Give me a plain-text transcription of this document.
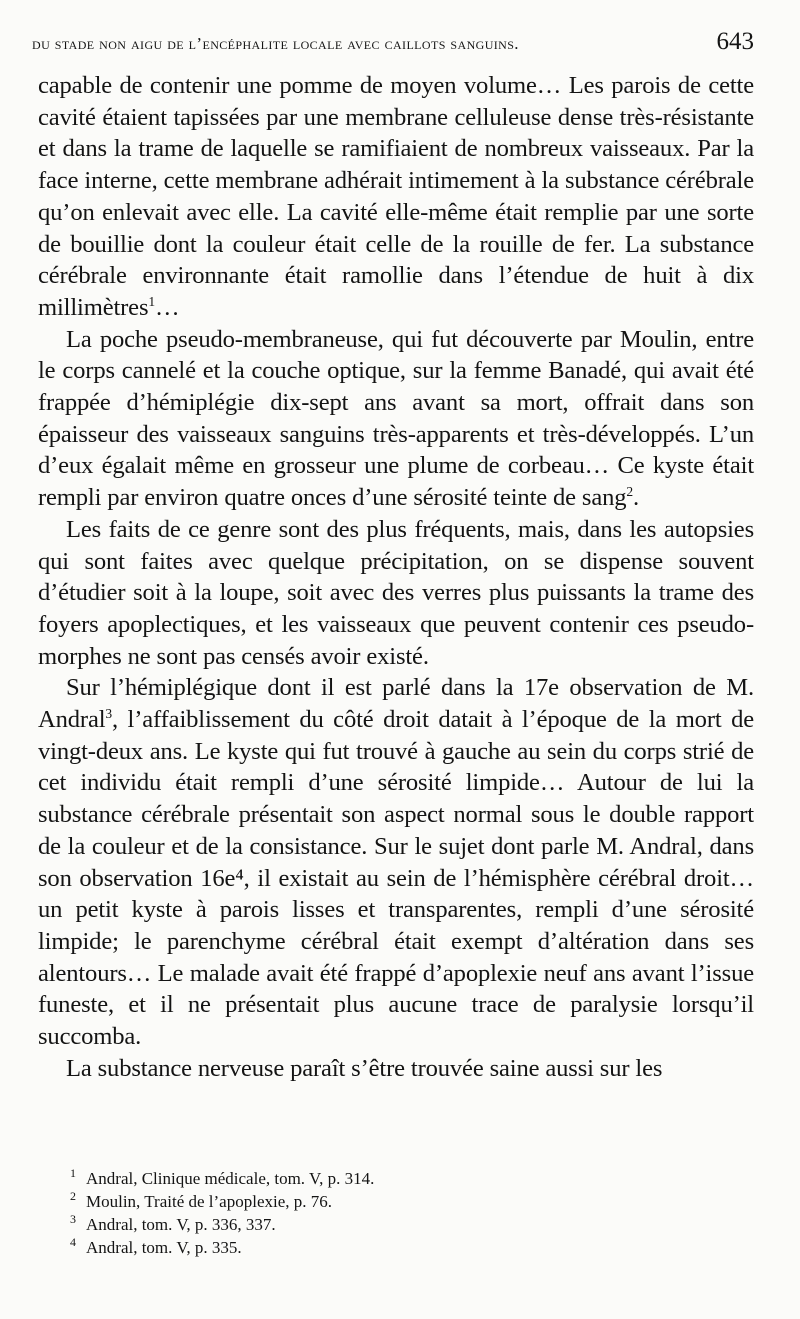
du stade non aigu de l’encéphalite locale avec caillots sanguins.	643

capable de contenir une pomme de moyen volume… Les parois de cette cavité étaient tapissées par une membrane celluleuse dense très-résistante et dans la trame de laquelle se ramifiaient de nombreux vaisseaux. Par la face interne, cette membrane adhérait intimement à la substance cérébrale qu’on enlevait avec elle. La cavité elle-même était remplie par une sorte de bouillie dont la couleur était celle de la rouille de fer. La substance cérébrale environnante était ramollie dans l’étendue de huit à dix millimètres$^1$…

La poche pseudo-membraneuse, qui fut découverte par Moulin, entre le corps cannelé et la couche optique, sur la femme Banadé, qui avait été frappée d’hémiplégie dix-sept ans avant sa mort, offrait dans son épaisseur des vaisseaux sanguins très-apparents et très-développés. L’un d’eux égalait même en grosseur une plume de corbeau… Ce kyste était rempli par environ quatre onces d’une sérosité teinte de sang$^2$.

Les faits de ce genre sont des plus fréquents, mais, dans les autopsies qui sont faites avec quelque précipitation, on se dispense souvent d’étudier soit à la loupe, soit avec des verres plus puissants la trame des foyers apoplectiques, et les vaisseaux que peuvent contenir ces pseudo-morphes ne sont pas censés avoir existé.

Sur l’hémiplégique dont il est parlé dans la 17e observation de M. Andral$^3$, l’affaiblissement du côté droit datait à l’époque de la mort de vingt-deux ans. Le kyste qui fut trouvé à gauche au sein du corps strié de cet individu était rempli d’une sérosité limpide… Autour de lui la substance cérébrale présentait son aspect normal sous le double rapport de la couleur et de la consistance. Sur le sujet dont parle M. Andral, dans son observation 16e⁴, il existait au sein de l’hémisphère cérébral droit… un petit kyste à parois lisses et transparentes, rempli d’une sérosité limpide; le parenchyme cérébral était exempt d’altération dans ses alentours… Le malade avait été frappé d’apoplexie neuf ans avant l’issue funeste, et il ne présentait plus aucune trace de paralysie lorsqu’il succomba.

La substance nerveuse paraît s’être trouvée saine aussi sur les

1 Andral, Clinique médicale, tom. V, p. 314.

2 Moulin, Traité de l’apoplexie, p. 76.

3 Andral, tom. V, p. 336, 337.

4 Andral, tom. V, p. 335.
